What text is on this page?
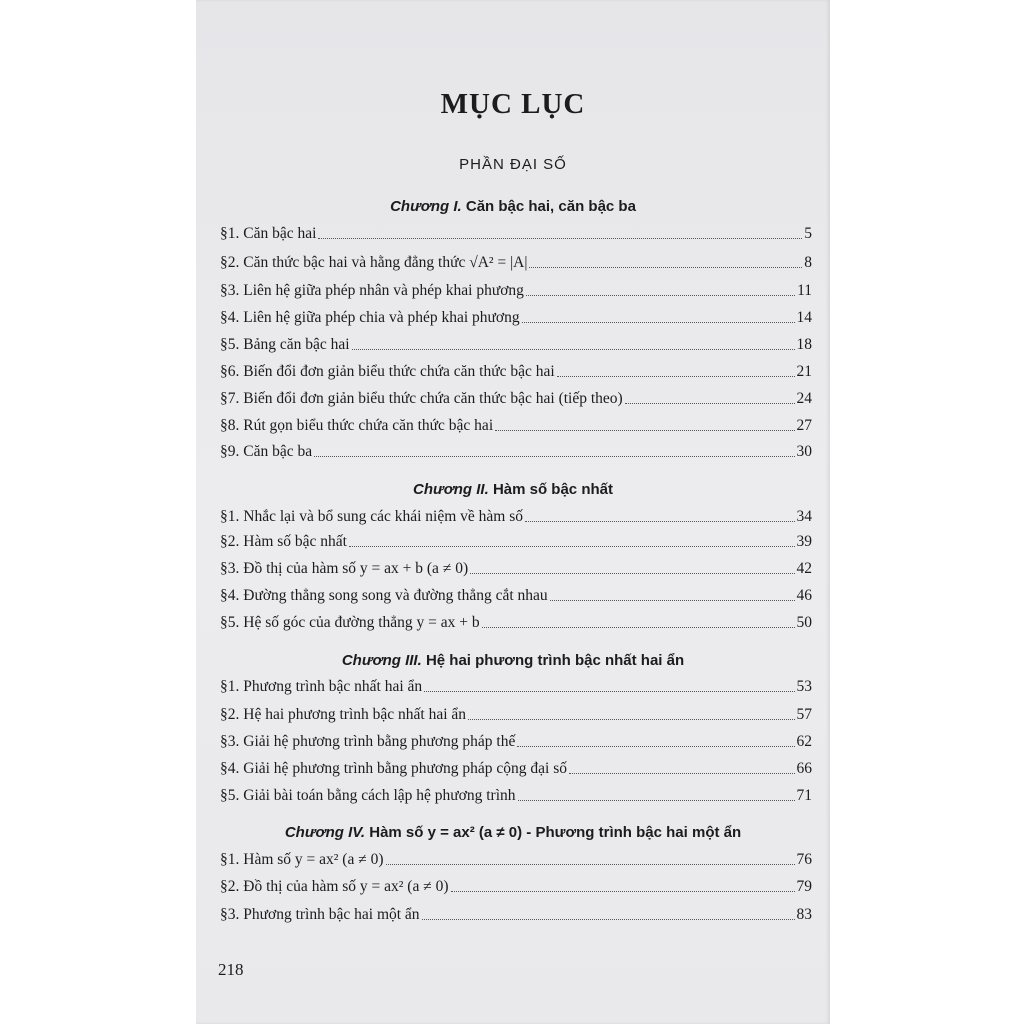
MỤC LỤC
PHẦN ĐẠI SỐ
Chương I. Căn bậc hai, căn bậc ba
§1. Căn bậc hai	5
§2. Căn thức bậc hai và hằng đẳng thức √A² = |A|	8
§3. Liên hệ giữa phép nhân và phép khai phương	11
§4. Liên hệ giữa phép chia và phép khai phương	14
§5. Bảng căn bậc hai	18
§6. Biến đổi đơn giản biểu thức chứa căn thức bậc hai	21
§7. Biến đổi đơn giản biểu thức chứa căn thức bậc hai (tiếp theo)	24
§8. Rút gọn biểu thức chứa căn thức bậc hai	27
§9. Căn bậc ba	30
Chương II. Hàm số bậc nhất
§1. Nhắc lại và bổ sung các khái niệm về hàm số	34
§2. Hàm số bậc nhất	39
§3. Đồ thị của hàm số y = ax + b (a ≠ 0)	42
§4. Đường thẳng song song và đường thẳng cắt nhau	46
§5. Hệ số góc của đường thẳng y = ax + b	50
Chương III. Hệ hai phương trình bậc nhất hai ẩn
§1. Phương trình bậc nhất hai ẩn	53
§2. Hệ hai phương trình bậc nhất hai ẩn	57
§3. Giải hệ phương trình bằng phương pháp thế	62
§4. Giải hệ phương trình bằng phương pháp cộng đại số	66
§5. Giải bài toán bằng cách lập hệ phương trình	71
Chương IV. Hàm số y = ax² (a ≠ 0) - Phương trình bậc hai một ẩn
§1. Hàm số y = ax² (a ≠ 0)	76
§2. Đồ thị của hàm số y = ax² (a ≠ 0)	79
§3. Phương trình bậc hai một ẩn	83
218
